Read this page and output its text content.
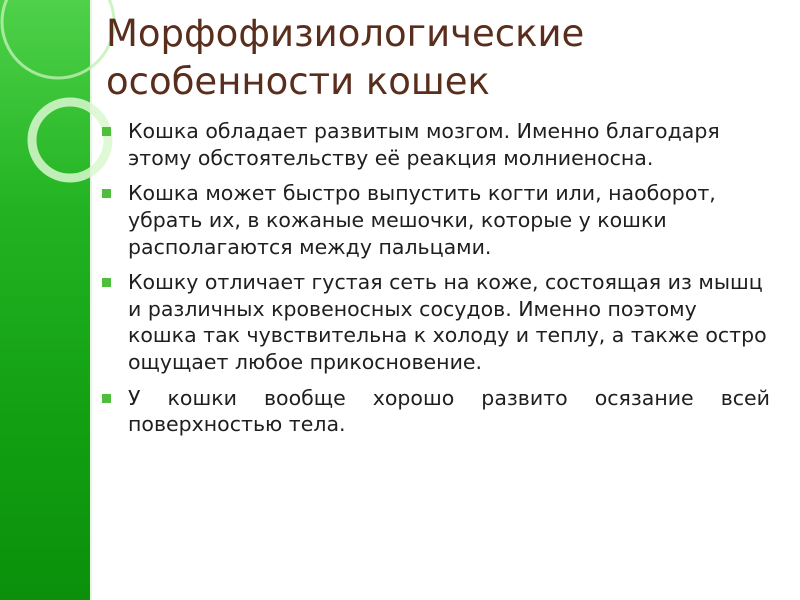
Морфофизиологические
особенности кошек
Кошка обладает развитым мозгом. Именно благодаря этому обстоятельству её реакция молниеносна.
Кошка может быстро выпустить когти или, наоборот, убрать их, в кожаные мешочки, которые у кошки располагаются между пальцами.
Кошку отличает густая сеть на коже, состоящая из мышц и различных кровеносных сосудов. Именно поэтому кошка так чувствительна к холоду и теплу, а также остро ощущает любое прикосновение.
У кошки вообще хорошо развито осязание всей поверхностью тела.
